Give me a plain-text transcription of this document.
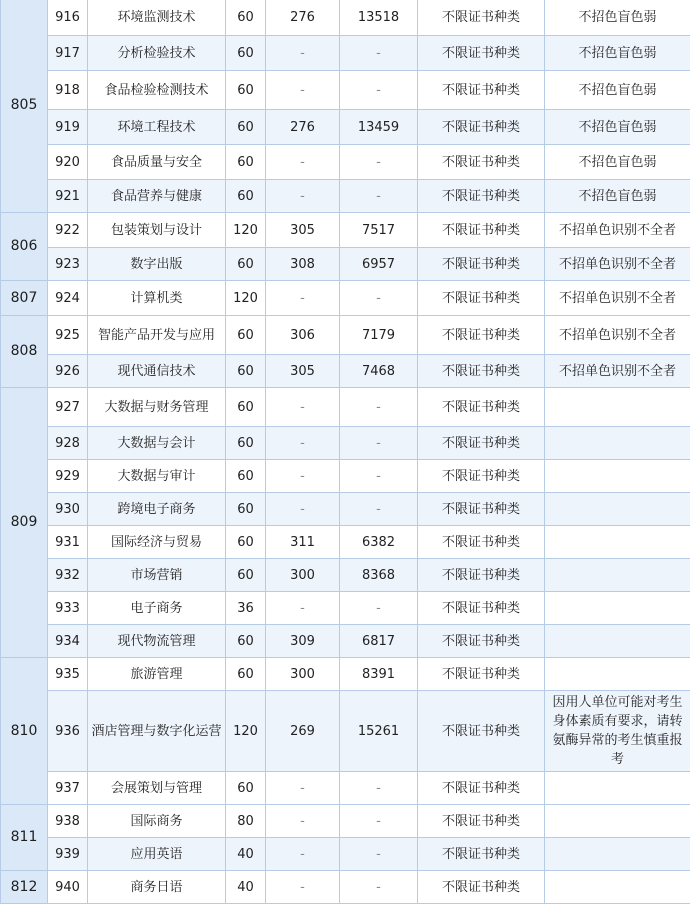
805	916	环境监测技术	60	276	13518	不限证书种类	不招色盲色弱
	917	分析检验技术	60	-	-	不限证书种类	不招色盲色弱
	918	食品检验检测技术	60	-	-	不限证书种类	不招色盲色弱
	919	环境工程技术	60	276	13459	不限证书种类	不招色盲色弱
	920	食品质量与安全	60	-	-	不限证书种类	不招色盲色弱
	921	食品营养与健康	60	-	-	不限证书种类	不招色盲色弱
806	922	包装策划与设计	120	305	7517	不限证书种类	不招单色识别不全者
	923	数字出版	60	308	6957	不限证书种类	不招单色识别不全者
807	924	计算机类	120	-	-	不限证书种类	不招单色识别不全者
808	925	智能产品开发与应用	60	306	7179	不限证书种类	不招单色识别不全者
	926	现代通信技术	60	305	7468	不限证书种类	不招单色识别不全者
809	927	大数据与财务管理	60	-	-	不限证书种类	
	928	大数据与会计	60	-	-	不限证书种类	
	929	大数据与审计	60	-	-	不限证书种类	
	930	跨境电子商务	60	-	-	不限证书种类	
	931	国际经济与贸易	60	311	6382	不限证书种类	
	932	市场营销	60	300	8368	不限证书种类	
	933	电子商务	36	-	-	不限证书种类	
	934	现代物流管理	60	309	6817	不限证书种类	
810	935	旅游管理	60	300	8391	不限证书种类	
	936	酒店管理与数字化运营	120	269	15261	不限证书种类	因用人单位可能对考生身体素质有要求，请转氨酶异常的考生慎重报考
	937	会展策划与管理	60	-	-	不限证书种类	
811	938	国际商务	80	-	-	不限证书种类	
	939	应用英语	40	-	-	不限证书种类	
812	940	商务日语	40	-	-	不限证书种类	
